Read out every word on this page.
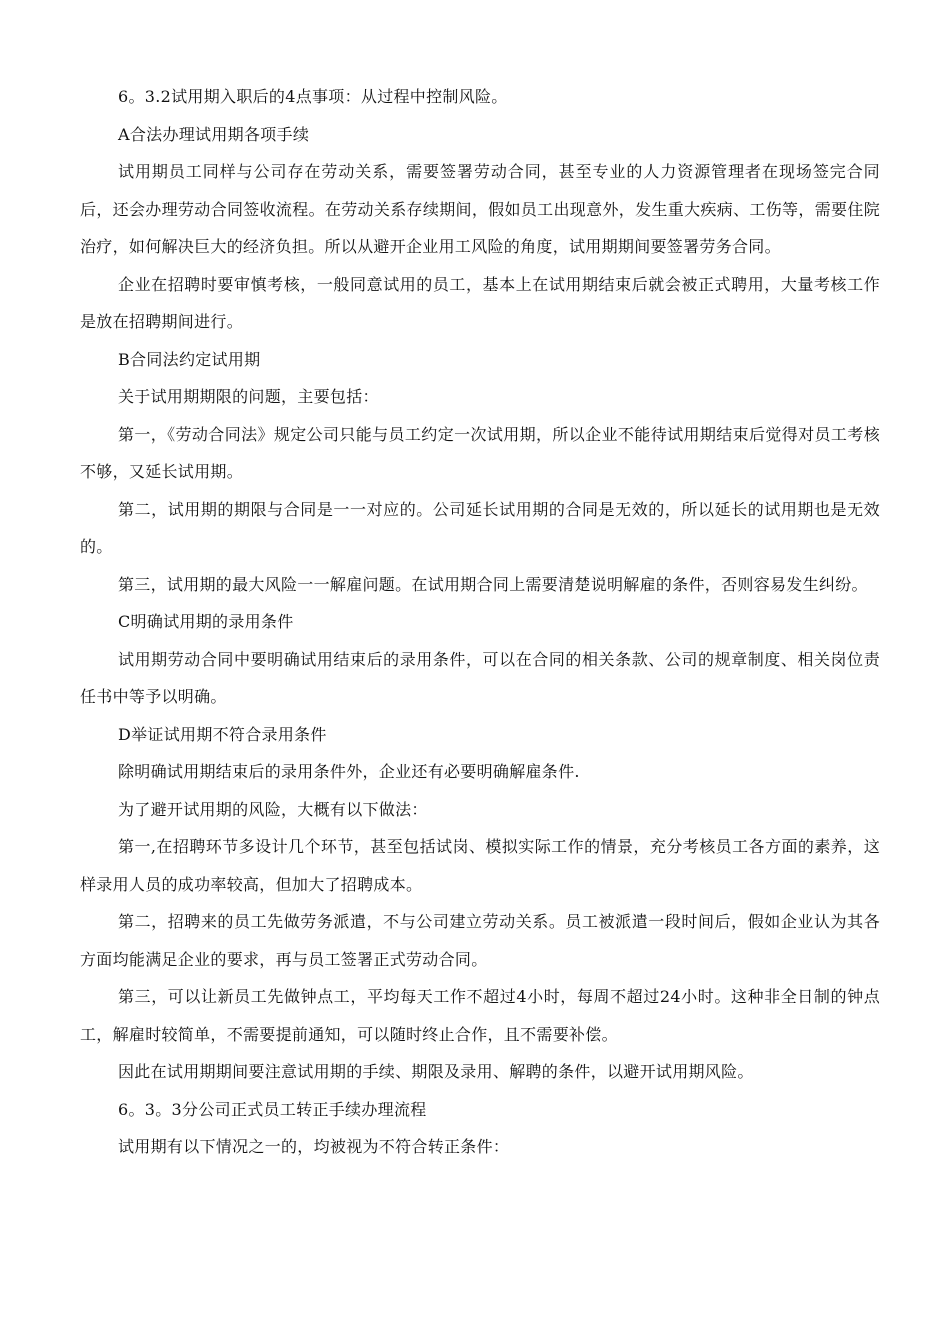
6。3.2试用期入职后的4点事项：从过程中控制风险。

A合法办理试用期各项手续

试用期员工同样与公司存在劳动关系，需要签署劳动合同，甚至专业的人力资源管理者在现场签完合同后，还会办理劳动合同签收流程。在劳动关系存续期间，假如员工出现意外，发生重大疾病、工伤等，需要住院治疗，如何解决巨大的经济负担。所以从避开企业用工风险的角度，试用期期间要签署劳务合同。

企业在招聘时要审慎考核，一般同意试用的员工，基本上在试用期结束后就会被正式聘用，大量考核工作是放在招聘期间进行。

B合同法约定试用期

关于试用期期限的问题，主要包括：

第一，《劳动合同法》规定公司只能与员工约定一次试用期，所以企业不能待试用期结束后觉得对员工考核不够，又延长试用期。

第二，试用期的期限与合同是一一对应的。公司延长试用期的合同是无效的，所以延长的试用期也是无效的。

第三，试用期的最大风险一一解雇问题。在试用期合同上需要清楚说明解雇的条件，否则容易发生纠纷。

C明确试用期的录用条件

试用期劳动合同中要明确试用结束后的录用条件，可以在合同的相关条款、公司的规章制度、相关岗位责任书中等予以明确。

D举证试用期不符合录用条件

除明确试用期结束后的录用条件外，企业还有必要明确解雇条件.

为了避开试用期的风险，大概有以下做法：

第一,在招聘环节多设计几个环节，甚至包括试岗、模拟实际工作的情景，充分考核员工各方面的素养，这样录用人员的成功率较高，但加大了招聘成本。

第二，招聘来的员工先做劳务派遣，不与公司建立劳动关系。员工被派遣一段时间后，假如企业认为其各方面均能满足企业的要求，再与员工签署正式劳动合同。

第三，可以让新员工先做钟点工，平均每天工作不超过4小时，每周不超过24小时。这种非全日制的钟点工，解雇时较简单，不需要提前通知，可以随时终止合作，且不需要补偿。

因此在试用期期间要注意试用期的手续、期限及录用、解聘的条件，以避开试用期风险。

6。3。3分公司正式员工转正手续办理流程

试用期有以下情况之一的，均被视为不符合转正条件：
